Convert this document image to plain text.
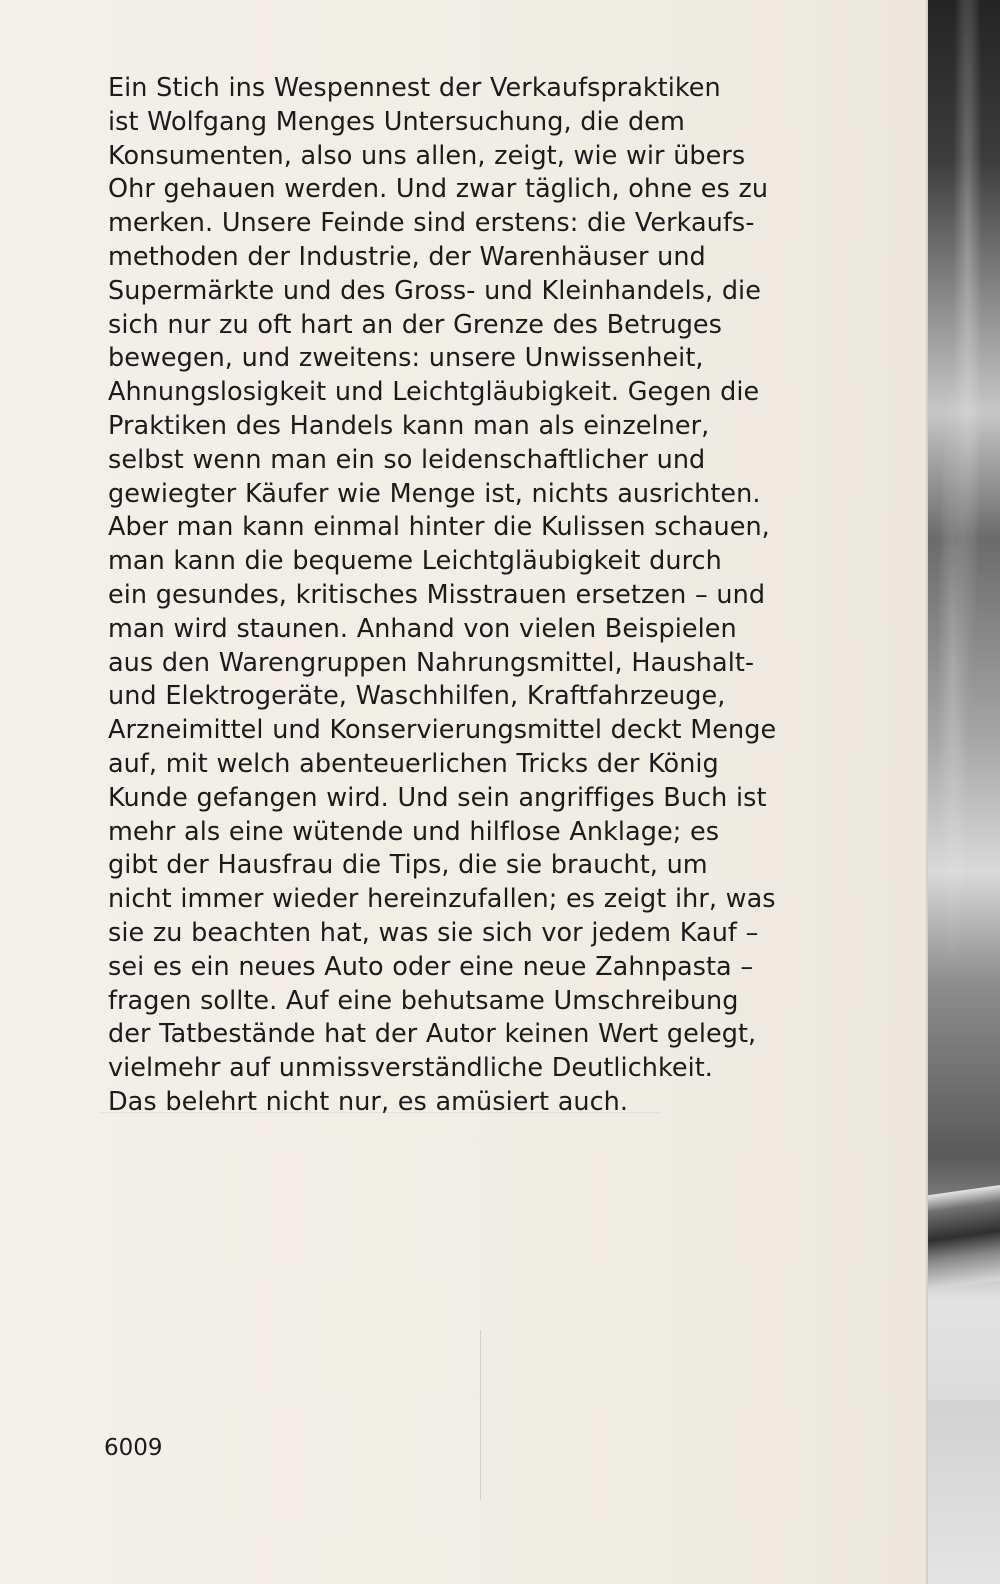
Ein Stich ins Wespennest der Verkaufspraktiken
ist Wolfgang Menges Untersuchung, die dem
Konsumenten, also uns allen, zeigt, wie wir übers
Ohr gehauen werden. Und zwar täglich, ohne es zu
merken. Unsere Feinde sind erstens: die Verkaufs-
methoden der Industrie, der Warenhäuser und
Supermärkte und des Gross- und Kleinhandels, die
sich nur zu oft hart an der Grenze des Betruges
bewegen, und zweitens: unsere Unwissenheit,
Ahnungslosigkeit und Leichtgläubigkeit. Gegen die
Praktiken des Handels kann man als einzelner,
selbst wenn man ein so leidenschaftlicher und
gewiegter Käufer wie Menge ist, nichts ausrichten.
Aber man kann einmal hinter die Kulissen schauen,
man kann die bequeme Leichtgläubigkeit durch
ein gesundes, kritisches Misstrauen ersetzen – und
man wird staunen. Anhand von vielen Beispielen
aus den Warengruppen Nahrungsmittel, Haushalt-
und Elektrogeräte, Waschhilfen, Kraftfahrzeuge,
Arzneimittel und Konservierungsmittel deckt Menge
auf, mit welch abenteuerlichen Tricks der König
Kunde gefangen wird. Und sein angriffiges Buch ist
mehr als eine wütende und hilflose Anklage; es
gibt der Hausfrau die Tips, die sie braucht, um
nicht immer wieder hereinzufallen; es zeigt ihr, was
sie zu beachten hat, was sie sich vor jedem Kauf –
sei es ein neues Auto oder eine neue Zahnpasta –
fragen sollte. Auf eine behutsame Umschreibung
der Tatbestände hat der Autor keinen Wert gelegt,
vielmehr auf unmissverständliche Deutlichkeit.
Das belehrt nicht nur, es amüsiert auch.
6009
